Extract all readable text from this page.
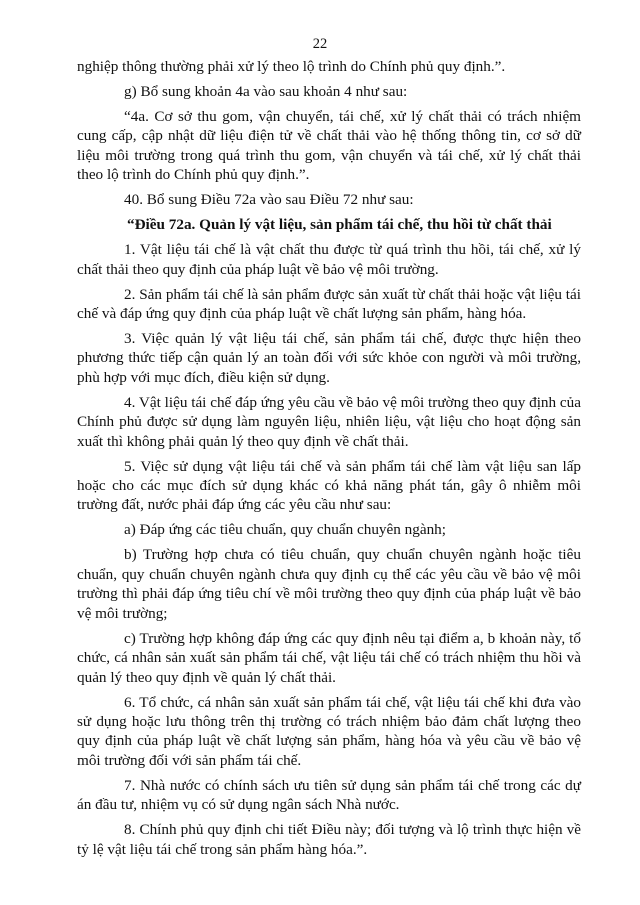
22

nghiệp thông thường phải xử lý theo lộ trình do Chính phủ quy định.”.

g) Bổ sung khoản 4a vào sau khoản 4 như sau:

“4a. Cơ sở thu gom, vận chuyển, tái chế, xử lý chất thải có trách nhiệm cung cấp, cập nhật dữ liệu điện tử về chất thải vào hệ thống thông tin, cơ sở dữ liệu môi trường trong quá trình thu gom, vận chuyển và tái chế, xử lý chất thải theo lộ trình do Chính phủ quy định.”.

40. Bổ sung Điều 72a vào sau Điều 72 như sau:

“Điều 72a. Quản lý vật liệu, sản phẩm tái chế, thu hồi từ chất thải

1. Vật liệu tái chế là vật chất thu được từ quá trình thu hồi, tái chế, xử lý chất thải theo quy định của pháp luật về bảo vệ môi trường.

2. Sản phẩm tái chế là sản phẩm được sản xuất từ chất thải hoặc vật liệu tái chế và đáp ứng quy định của pháp luật về chất lượng sản phẩm, hàng hóa.

3. Việc quản lý vật liệu tái chế, sản phẩm tái chế, được thực hiện theo phương thức tiếp cận quản lý an toàn đối với sức khỏe con người và môi trường, phù hợp với mục đích, điều kiện sử dụng.

4. Vật liệu tái chế đáp ứng yêu cầu về bảo vệ môi trường theo quy định của Chính phủ được sử dụng làm nguyên liệu, nhiên liệu, vật liệu cho hoạt động sản xuất thì không phải quản lý theo quy định về chất thải.

5. Việc sử dụng vật liệu tái chế và sản phẩm tái chế làm vật liệu san lấp hoặc cho các mục đích sử dụng khác có khả năng phát tán, gây ô nhiễm môi trường đất, nước phải đáp ứng các yêu cầu như sau:

a) Đáp ứng các tiêu chuẩn, quy chuẩn chuyên ngành;

b) Trường hợp chưa có tiêu chuẩn, quy chuẩn chuyên ngành hoặc tiêu chuẩn, quy chuẩn chuyên ngành chưa quy định cụ thể các yêu cầu về bảo vệ môi trường thì phải đáp ứng tiêu chí về môi trường theo quy định của pháp luật về bảo vệ môi trường;

c) Trường hợp không đáp ứng các quy định nêu tại điểm a, b khoản này, tổ chức, cá nhân sản xuất sản phẩm tái chế, vật liệu tái chế có trách nhiệm thu hồi và quản lý theo quy định về quản lý chất thải.

6. Tổ chức, cá nhân sản xuất sản phẩm tái chế, vật liệu tái chế khi đưa vào sử dụng hoặc lưu thông trên thị trường có trách nhiệm bảo đảm chất lượng theo quy định của pháp luật về chất lượng sản phẩm, hàng hóa và yêu cầu về bảo vệ môi trường đối với sản phẩm tái chế.

7. Nhà nước có chính sách ưu tiên sử dụng sản phẩm tái chế trong các dự án đầu tư, nhiệm vụ có sử dụng ngân sách Nhà nước.

8. Chính phủ quy định chi tiết Điều này; đối tượng và lộ trình thực hiện về tỷ lệ vật liệu tái chế trong sản phẩm hàng hóa.”.
